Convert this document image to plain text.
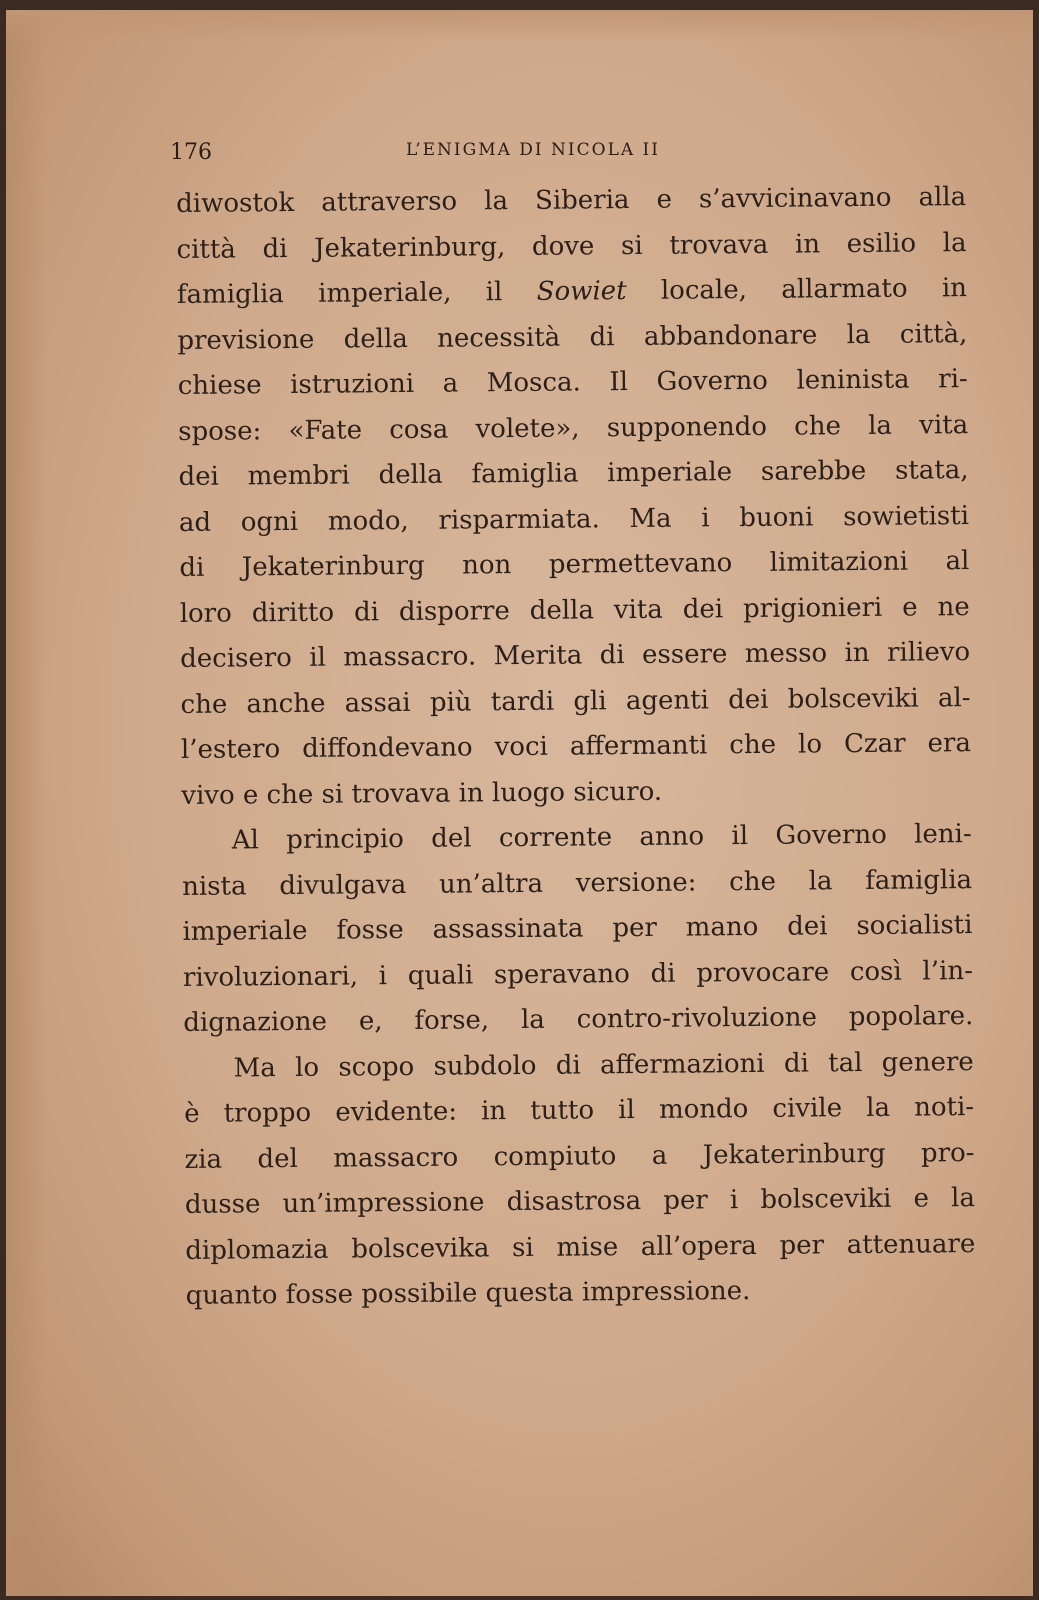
176	L’ENIGMA DI NICOLA II
diwostok attraverso la Siberia e s’avvicinavano alla
città di Jekaterinburg, dove si trovava in esilio la
famiglia imperiale, il Sowiet locale, allarmato in
previsione della necessità di abbandonare la città,
chiese istruzioni a Mosca. Il Governo leninista ri-
spose: «Fate cosa volete», supponendo che la vita
dei membri della famiglia imperiale sarebbe stata,
ad ogni modo, risparmiata. Ma i buoni sowietisti
di Jekaterinburg non permettevano limitazioni al
loro diritto di disporre della vita dei prigionieri e ne
decisero il massacro. Merita di essere messo in rilievo
che anche assai più tardi gli agenti dei bolsceviki al-
l’estero diffondevano voci affermanti che lo Czar era
vivo e che si trovava in luogo sicuro.
Al principio del corrente anno il Governo leni-
nista divulgava un’altra versione: che la famiglia
imperiale fosse assassinata per mano dei socialisti
rivoluzionari, i quali speravano di provocare così l’in-
dignazione e, forse, la contro-rivoluzione popolare.
Ma lo scopo subdolo di affermazioni di tal genere
è troppo evidente: in tutto il mondo civile la noti-
zia del massacro compiuto a Jekaterinburg pro-
dusse un’impressione disastrosa per i bolsceviki e la
diplomazia bolscevika si mise all’opera per attenuare
quanto fosse possibile questa impressione.
